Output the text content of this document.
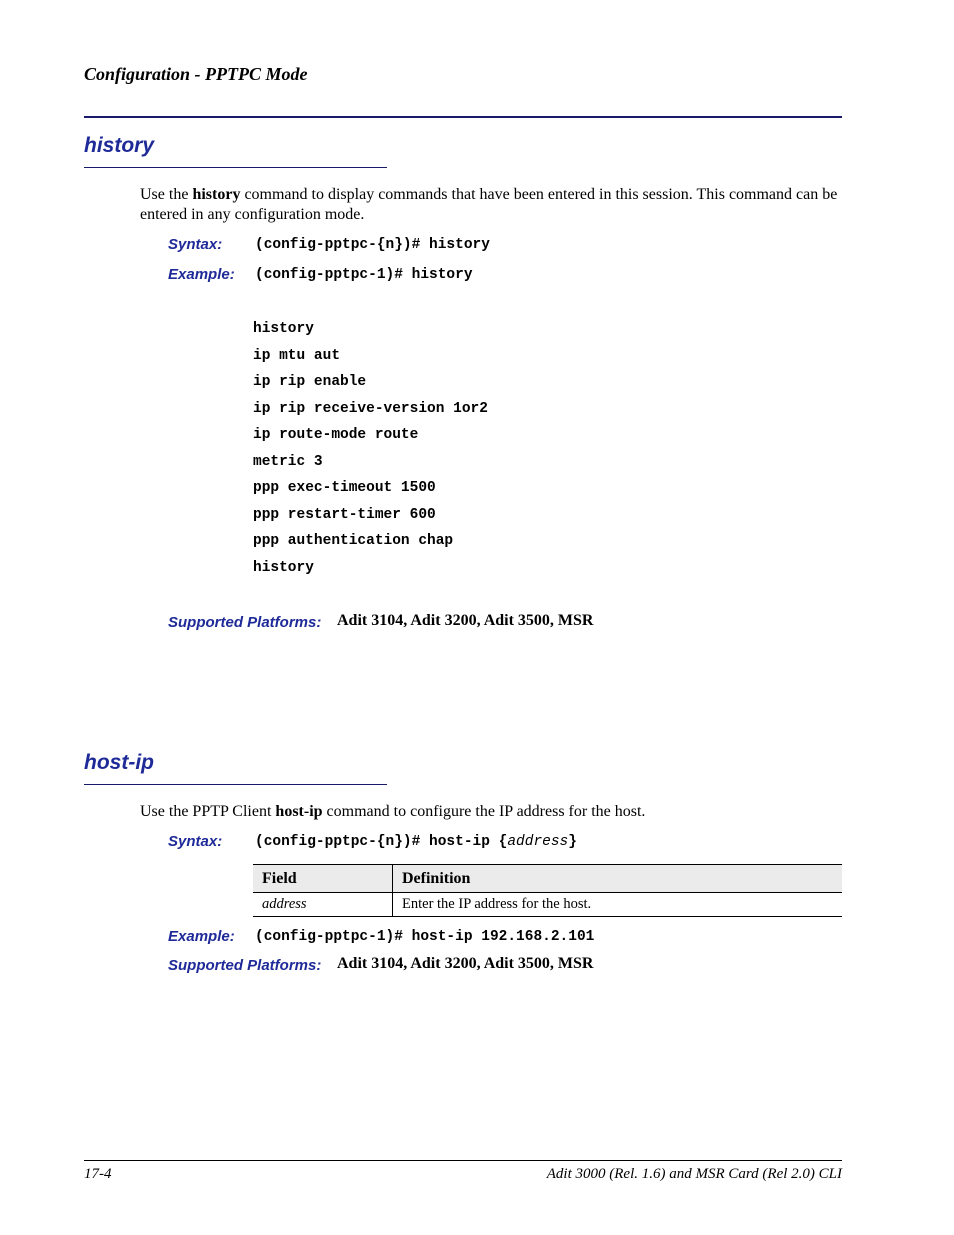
Configuration - PPTPC Mode
history
Use the history command to display commands that have been entered in this session. This command can be entered in any configuration mode.
Syntax: (config-pptpc-{n})# history
Example: (config-pptpc-1)# history
history
ip mtu aut
ip rip enable
ip rip receive-version 1or2
ip route-mode route
metric 3
ppp exec-timeout 1500
ppp restart-timer 600
ppp authentication chap
history
Supported Platforms: Adit 3104, Adit 3200, Adit 3500, MSR
host-ip
Use the PPTP Client host-ip command to configure the IP address for the host.
Syntax: (config-pptpc-{n})# host-ip {address}
Field	Definition
address	Enter the IP address for the host.
Example: (config-pptpc-1)# host-ip 192.168.2.101
Supported Platforms: Adit 3104, Adit 3200, Adit 3500, MSR
17-4	Adit 3000 (Rel. 1.6) and MSR Card (Rel 2.0) CLI
